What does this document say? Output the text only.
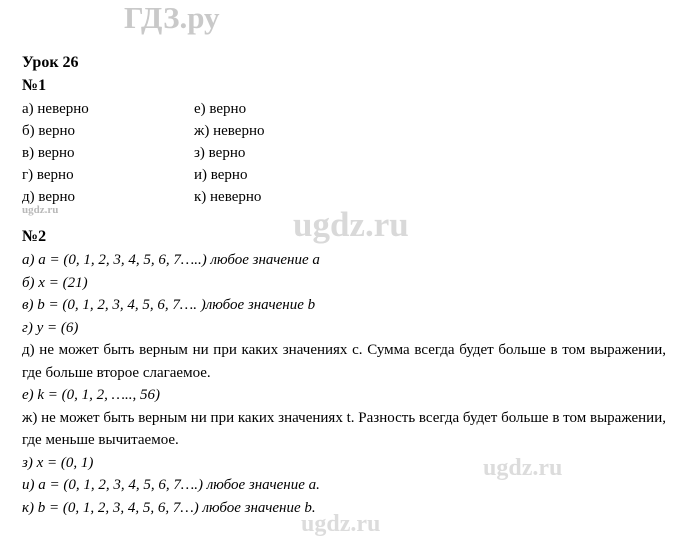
ГДЗ.ру
ugdz.ru	ugdz.ru
ugdz.ru
ugdz.ru

Урок 26

№1

а) неверно	е) верно
б) верно	ж) неверно
в) верно	з) верно
г) верно	и) верно
д) верно	к) неверно

№2

а) a = (0, 1, 2, 3, 4, 5, 6, 7…..) любое значение a

б) x = (21)

в) b = (0, 1, 2, 3, 4, 5, 6, 7…. )любое значение b

г) y = (6)

д) не может быть верным ни при каких значениях c. Сумма всегда будет больше в том выражении, где больше второе слагаемое.

е) k = (0, 1, 2, ….., 56)

ж) не может быть верным ни при каких значениях t. Разность всегда будет больше в том выражении, где меньше вычитаемое.

з) x = (0, 1)

и) a = (0, 1, 2, 3, 4, 5, 6, 7….) любое значение a.

к) b = (0, 1, 2, 3, 4, 5, 6, 7…) любое значение b.
